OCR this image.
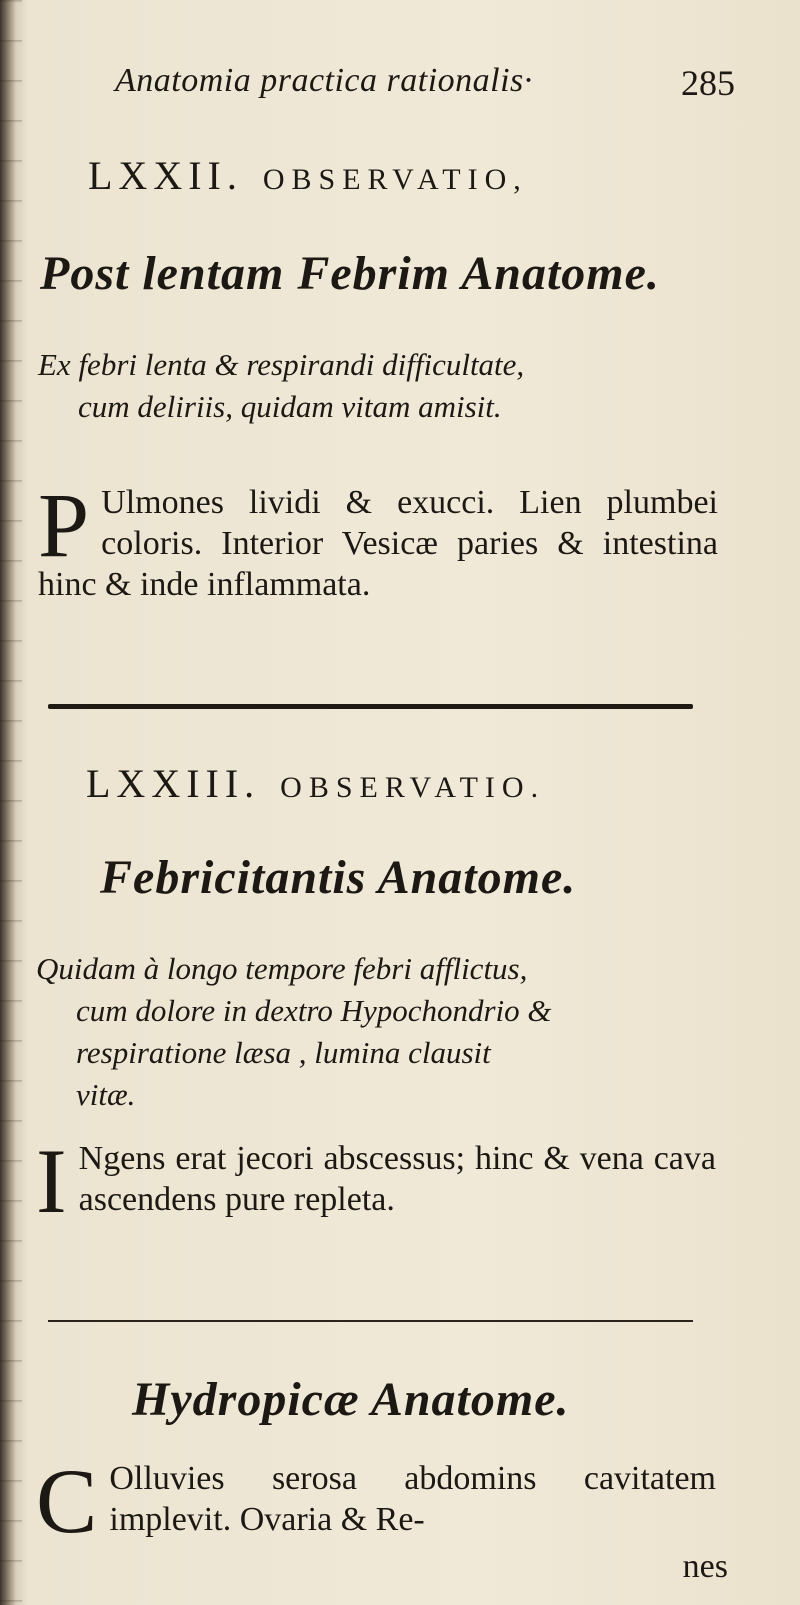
Anatomia practica rationalis·	285
LXXII. OBSERVATIO,
Post lentam Febrim Anatome.
Ex febri lenta & respirandi difficultate,
cum deliriis, quidam vitam amisit.
P Ulmones lividi & exucci. Lien plumbei coloris. Interior Vesicæ paries & intestina hinc & inde inflammata.
LXXIII. OBSERVATIO.
Febricitantis Anatome.
Quidam à longo tempore febri afflictus,
cum dolore in dextro Hypochondrio &
respiratione læsa , lumina clausit
vitæ.
I Ngens erat jecori abscessus; hinc & vena cava ascendens pure repleta.
Hydropicæ Anatome.
C Olluvies serosa abdomins cavitatem implevit. Ovaria & Re-
nes
